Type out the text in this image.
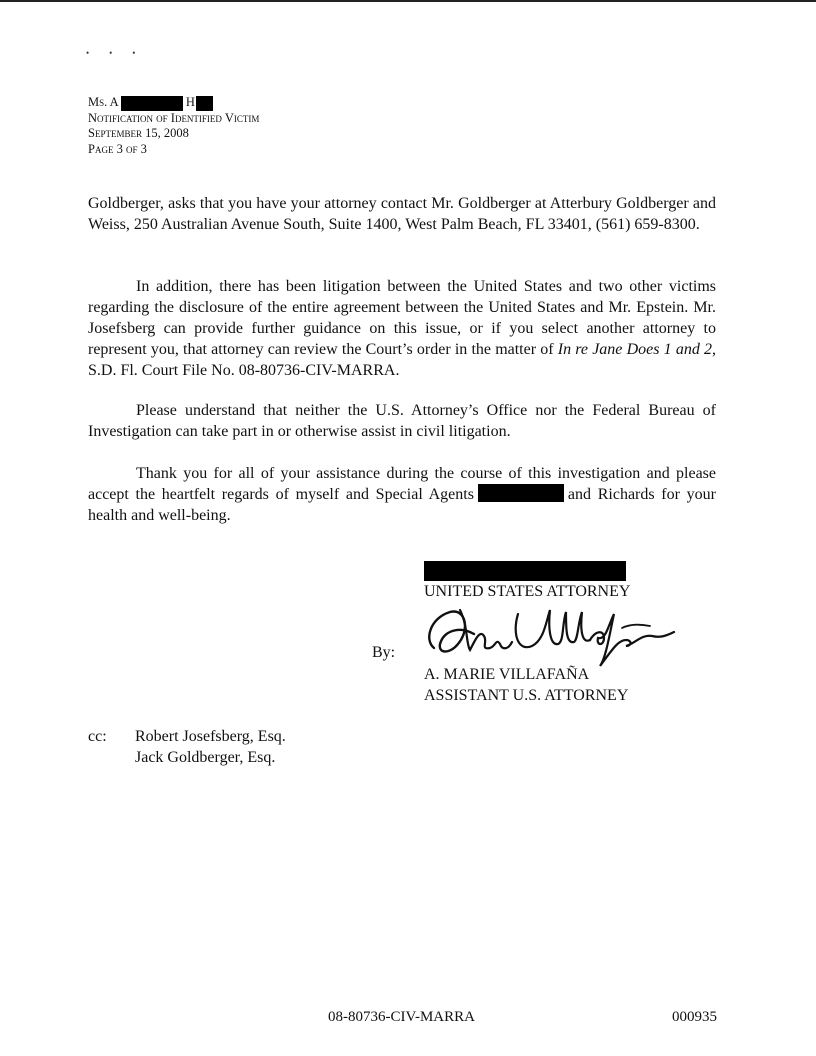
•••
Ms. A	H
Notification of Identified Victim
September 15, 2008
Page 3 of 3
Goldberger, asks that you have your attorney contact Mr. Goldberger at Atterbury Goldberger and Weiss, 250 Australian Avenue South, Suite 1400, West Palm Beach, FL 33401, (561) 659-8300.
In addition, there has been litigation between the United States and two other victims regarding the disclosure of the entire agreement between the United States and Mr. Epstein. Mr. Josefsberg can provide further guidance on this issue, or if you select another attorney to represent you, that attorney can review the Court’s order in the matter of In re Jane Does 1 and 2, S.D. Fl. Court File No. 08-80736-CIV-MARRA.
Please understand that neither the U.S. Attorney’s Office nor the Federal Bureau of Investigation can take part in or otherwise assist in civil litigation.
Thank you for all of your assistance during the course of this investigation and please accept the heartfelt regards of myself and Special Agents	and Richards for your health and well-being.
UNITED STATES ATTORNEY
By:
A. MARIE VILLAFAÑA
ASSISTANT U.S. ATTORNEY
cc: Robert Josefsberg, Esq.
Jack Goldberger, Esq.
08-80736-CIV-MARRA	000935
